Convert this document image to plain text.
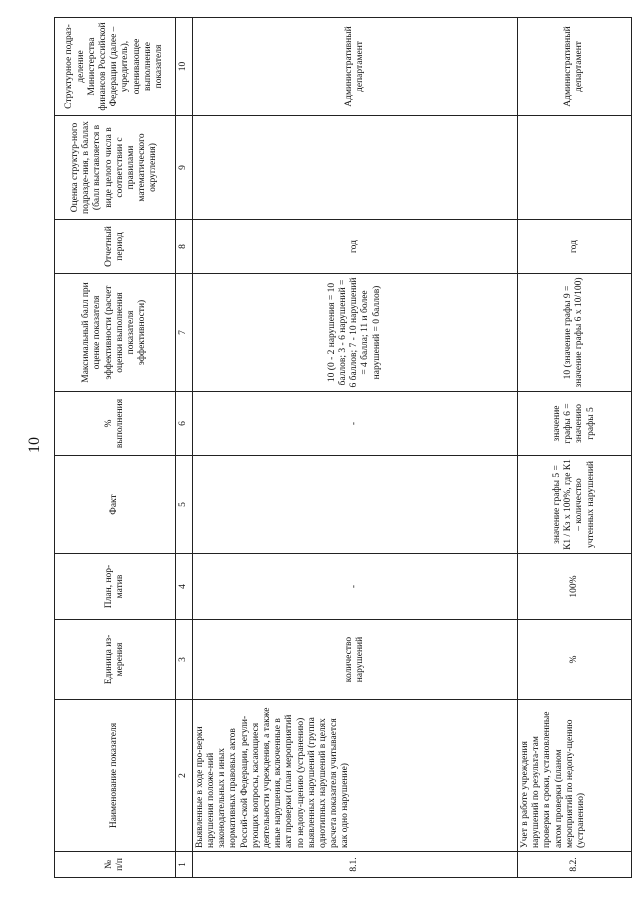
10
№ п/п	Наименование показателя	Единица из-мерения	План, нор-матив	Факт	% выполнения	Максимальный балл при оценке показателя эффективности (расчет оценки выполнения показателя эффективности)	Отчетный период	Оценка структур-ного подразде-ния, в баллах (балл выставляется в виде целого числа в соответствии с правилами математического округления)	Структурное подраз-деление Министерства финансов Российской Федерации (далее – учредитель), оценивающее выполнение показателя
1	2	3	4	5	6	7	8	9	10
8.1.	Выявленные в ходе про-верки нарушения положе-ний законодательных и иных нормативных правовых актов Россий-ской Федерации, регули-рующих вопросы, касающиеся деятельности учреждения, а также иные нарушения, включенные в акт проверки (план мероприятий по недопу-щению (устранению) выявленных нарушений (группа однотипных нарушений в целях расчета показателя учитывается как одно нарушение)	количество нарушений	-		-	10 (0 - 2 нарушения = 10 баллов; 3 - 6 нарушений = 6 баллов; 7 - 10 нарушений = 4 балла; 11 и более нарушений = 0 баллов)	год		Административный департамент
8.2.	Учет в работе учреждения нарушений по результа-там проверки в сроки, установленные актом проверки (планом мероприятий по недопу-щению (устранению)	%	100%	значение графы 5 = К1 / Кз х 100%, где К1 – количество учтенных нарушений	значение графы 6 = значению графы 5	10 (значение графы 9 = значение графы 6 х 10/100)	год		Административный департамент
